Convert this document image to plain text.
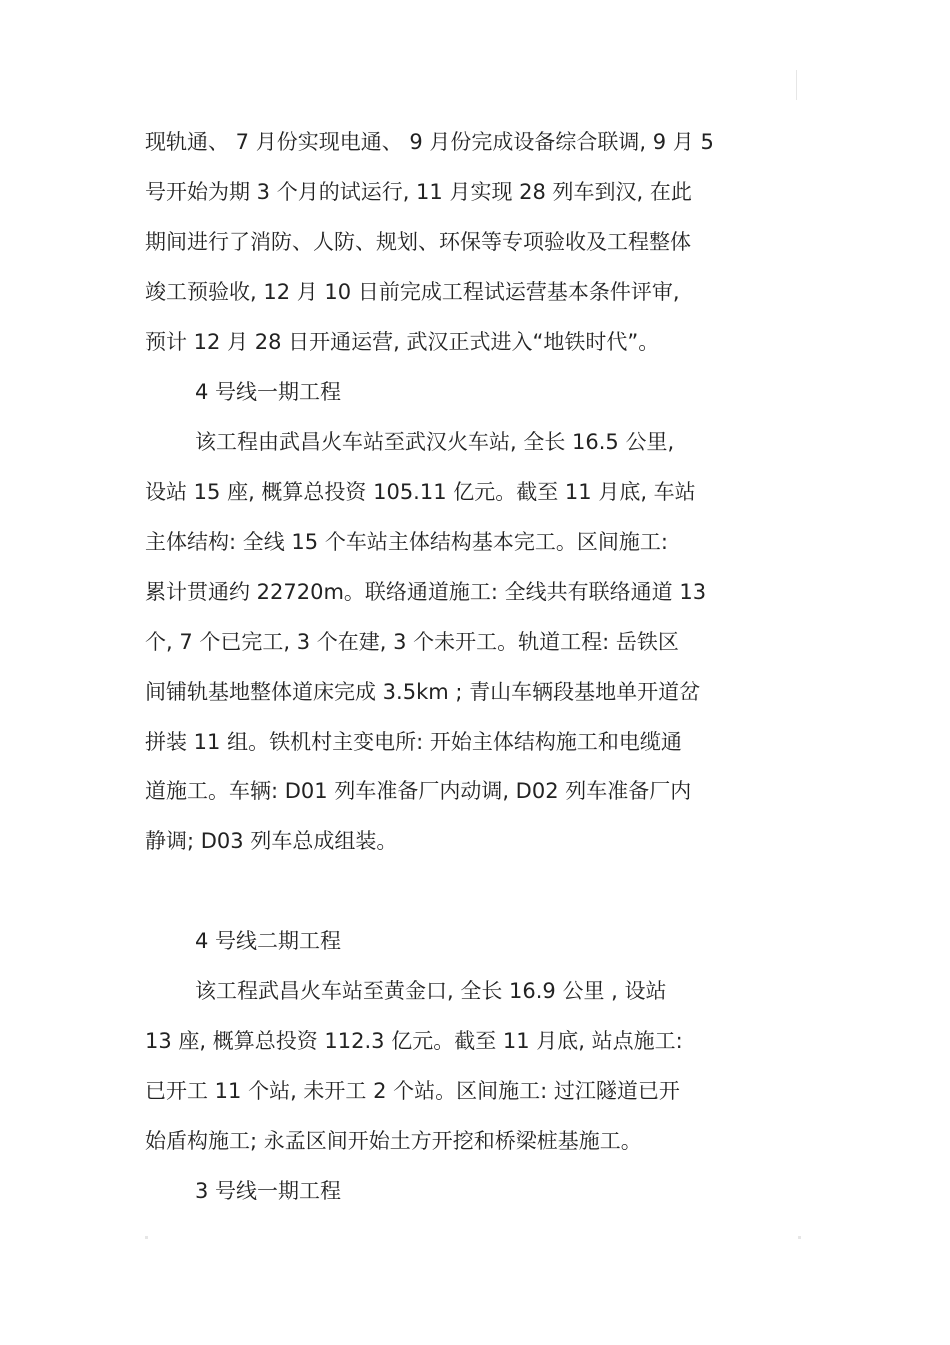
现轨通、 7 月份实现电通、 9 月份完成设备综合联调, 9 月 5
号开始为期 3 个月的试运行, 11 月实现 28 列车到汉, 在此
期间进行了消防、人防、规划、环保等专项验收及工程整体
竣工预验收, 12 月 10 日前完成工程试运营基本条件评审,
预计 12 月 28 日开通运营, 武汉正式进入“地铁时代”。
4 号线一期工程
该工程由武昌火车站至武汉火车站, 全长 16.5 公里,
设站 15 座, 概算总投资 105.11 亿元。截至 11 月底, 车站
主体结构: 全线 15 个车站主体结构基本完工。区间施工:
累计贯通约 22720m。联络通道施工: 全线共有联络通道 13
个, 7 个已完工, 3 个在建, 3 个未开工。轨道工程: 岳铁区
间铺轨基地整体道床完成 3.5km ; 青山车辆段基地单开道岔
拼装 11 组。铁机村主变电所: 开始主体结构施工和电缆通
道施工。车辆: D01 列车准备厂内动调, D02 列车准备厂内
静调; D03 列车总成组装。
4 号线二期工程
该工程武昌火车站至黄金口, 全长 16.9 公里 , 设站
13 座, 概算总投资 112.3 亿元。截至 11 月底, 站点施工:
已开工 11 个站, 未开工 2 个站。区间施工: 过江隧道已开
始盾构施工; 永孟区间开始土方开挖和桥梁桩基施工。
3 号线一期工程
